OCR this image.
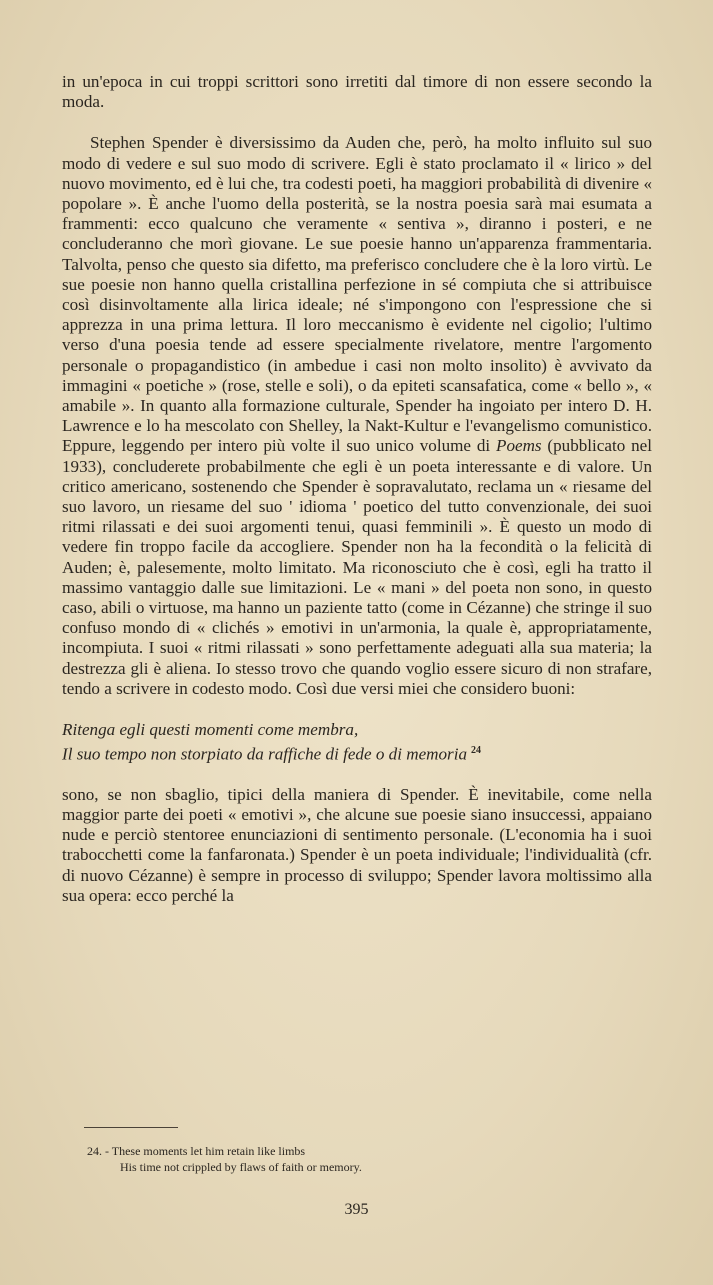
in un'epoca in cui troppi scrittori sono irretiti dal timore di non essere secondo la moda.

Stephen Spender è diversissimo da Auden che, però, ha molto influito sul suo modo di vedere e sul suo modo di scrivere. Egli è stato proclamato il « lirico » del nuovo movimento, ed è lui che, tra codesti poeti, ha maggiori probabilità di divenire « popolare ». È anche l'uomo della posterità, se la nostra poesia sarà mai esumata a frammenti: ecco qualcuno che veramente « sentiva », diranno i posteri, e ne concluderanno che morì giovane. Le sue poesie hanno un'apparenza frammentaria. Talvolta, penso che questo sia difetto, ma preferisco concludere che è la loro virtù. Le sue poesie non hanno quella cristallina perfezione in sé compiuta che si attribuisce così disinvoltamente alla lirica ideale; né s'impongono con l'espressione che si apprezza in una prima lettura. Il loro meccanismo è evidente nel cigolio; l'ultimo verso d'una poesia tende ad essere specialmente rivelatore, mentre l'argomento personale o propagandistico (in ambedue i casi non molto insolito) è avvivato da immagini « poetiche » (rose, stelle e soli), o da epiteti scansafatica, come « bello », « amabile ». In quanto alla formazione culturale, Spender ha ingoiato per intero D. H. Lawrence e lo ha mescolato con Shelley, la Nakt-Kultur e l'evangelismo comunistico. Eppure, leggendo per intero più volte il suo unico volume di Poems (pubblicato nel 1933), concluderete probabilmente che egli è un poeta interessante e di valore. Un critico americano, sostenendo che Spender è sopravalutato, reclama un « riesame del suo lavoro, un riesame del suo ' idioma ' poetico del tutto convenzionale, dei suoi ritmi rilassati e dei suoi argomenti tenui, quasi femminili ». È questo un modo di vedere fin troppo facile da accogliere. Spender non ha la fecondità o la felicità di Auden; è, palesemente, molto limitato. Ma riconosciuto che è così, egli ha tratto il massimo vantaggio dalle sue limitazioni. Le « mani » del poeta non sono, in questo caso, abili o virtuose, ma hanno un paziente tatto (come in Cézanne) che stringe il suo confuso mondo di « clichés » emotivi in un'armonia, la quale è, appropriatamente, incompiuta. I suoi « ritmi rilassati » sono perfettamente adeguati alla sua materia; la destrezza gli è aliena. Io stesso trovo che quando voglio essere sicuro di non strafare, tendo a scrivere in codesto modo. Così due versi miei che considero buoni:

Ritenga egli questi momenti come membra,
Il suo tempo non storpiato da raffiche di fede o di memoria $^{24}$

sono, se non sbaglio, tipici della maniera di Spender. È inevitabile, come nella maggior parte dei poeti « emotivi », che alcune sue poesie siano insuccessi, appaiano nude e perciò stentoree enunciazioni di sentimento personale. (L'economia ha i suoi trabocchetti come la fanfaronata.) Spender è un poeta individuale; l'individualità (cfr. di nuovo Cézanne) è sempre in processo di sviluppo; Spender lavora moltissimo alla sua opera: ecco perché la

24. - These moments let him retain like limbs
His time not crippled by flaws of faith or memory.
395
